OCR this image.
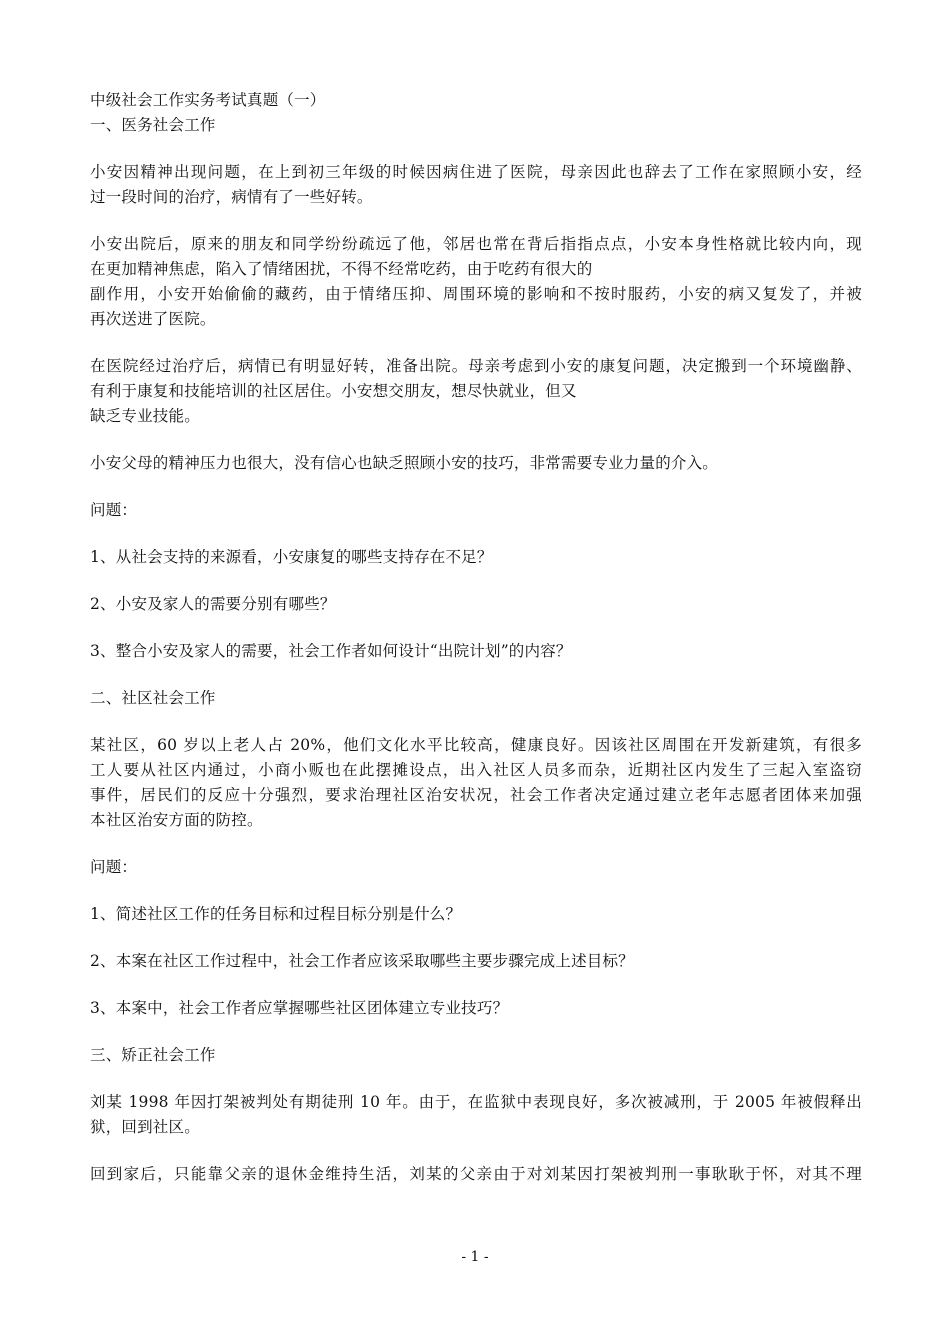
中级社会工作实务考试真题（一）
一、医务社会工作
小安因精神出现问题，在上到初三年级的时候因病住进了医院，母亲因此也辞去了工作在家照顾小安，经
过一段时间的治疗，病情有了一些好转。
小安出院后，原来的朋友和同学纷纷疏远了他，邻居也常在背后指指点点，小安本身性格就比较内向，现
在更加精神焦虑，陷入了情绪困扰，不得不经常吃药，由于吃药有很大的
副作用，小安开始偷偷的藏药，由于情绪压抑、周围环境的影响和不按时服药，小安的病又复发了，并被
再次送进了医院。
在医院经过治疗后，病情已有明显好转，准备出院。母亲考虑到小安的康复问题，决定搬到一个环境幽静、
有利于康复和技能培训的社区居住。小安想交朋友，想尽快就业，但又
缺乏专业技能。
小安父母的精神压力也很大，没有信心也缺乏照顾小安的技巧，非常需要专业力量的介入。
问题：
1、从社会支持的来源看，小安康复的哪些支持存在不足？
2、小安及家人的需要分别有哪些？
3、整合小安及家人的需要，社会工作者如何设计“出院计划”的内容？
二、社区社会工作
某社区，60 岁以上老人占 20%，他们文化水平比较高，健康良好。因该社区周围在开发新建筑，有很多
工人要从社区内通过，小商小贩也在此摆摊设点，出入社区人员多而杂，近期社区内发生了三起入室盗窃
事件，居民们的反应十分强烈，要求治理社区治安状况，社会工作者决定通过建立老年志愿者团体来加强
本社区治安方面的防控。
问题：
1、简述社区工作的任务目标和过程目标分别是什么？
2、本案在社区工作过程中，社会工作者应该采取哪些主要步骤完成上述目标？
3、本案中，社会工作者应掌握哪些社区团体建立专业技巧？
三、矫正社会工作
刘某 1998 年因打架被判处有期徒刑 10 年。由于，在监狱中表现良好，多次被减刑，于 2005 年被假释出
狱，回到社区。
回到家后，只能靠父亲的退休金维持生活，刘某的父亲由于对刘某因打架被判刑一事耿耿于怀，对其不理
- 1 -
